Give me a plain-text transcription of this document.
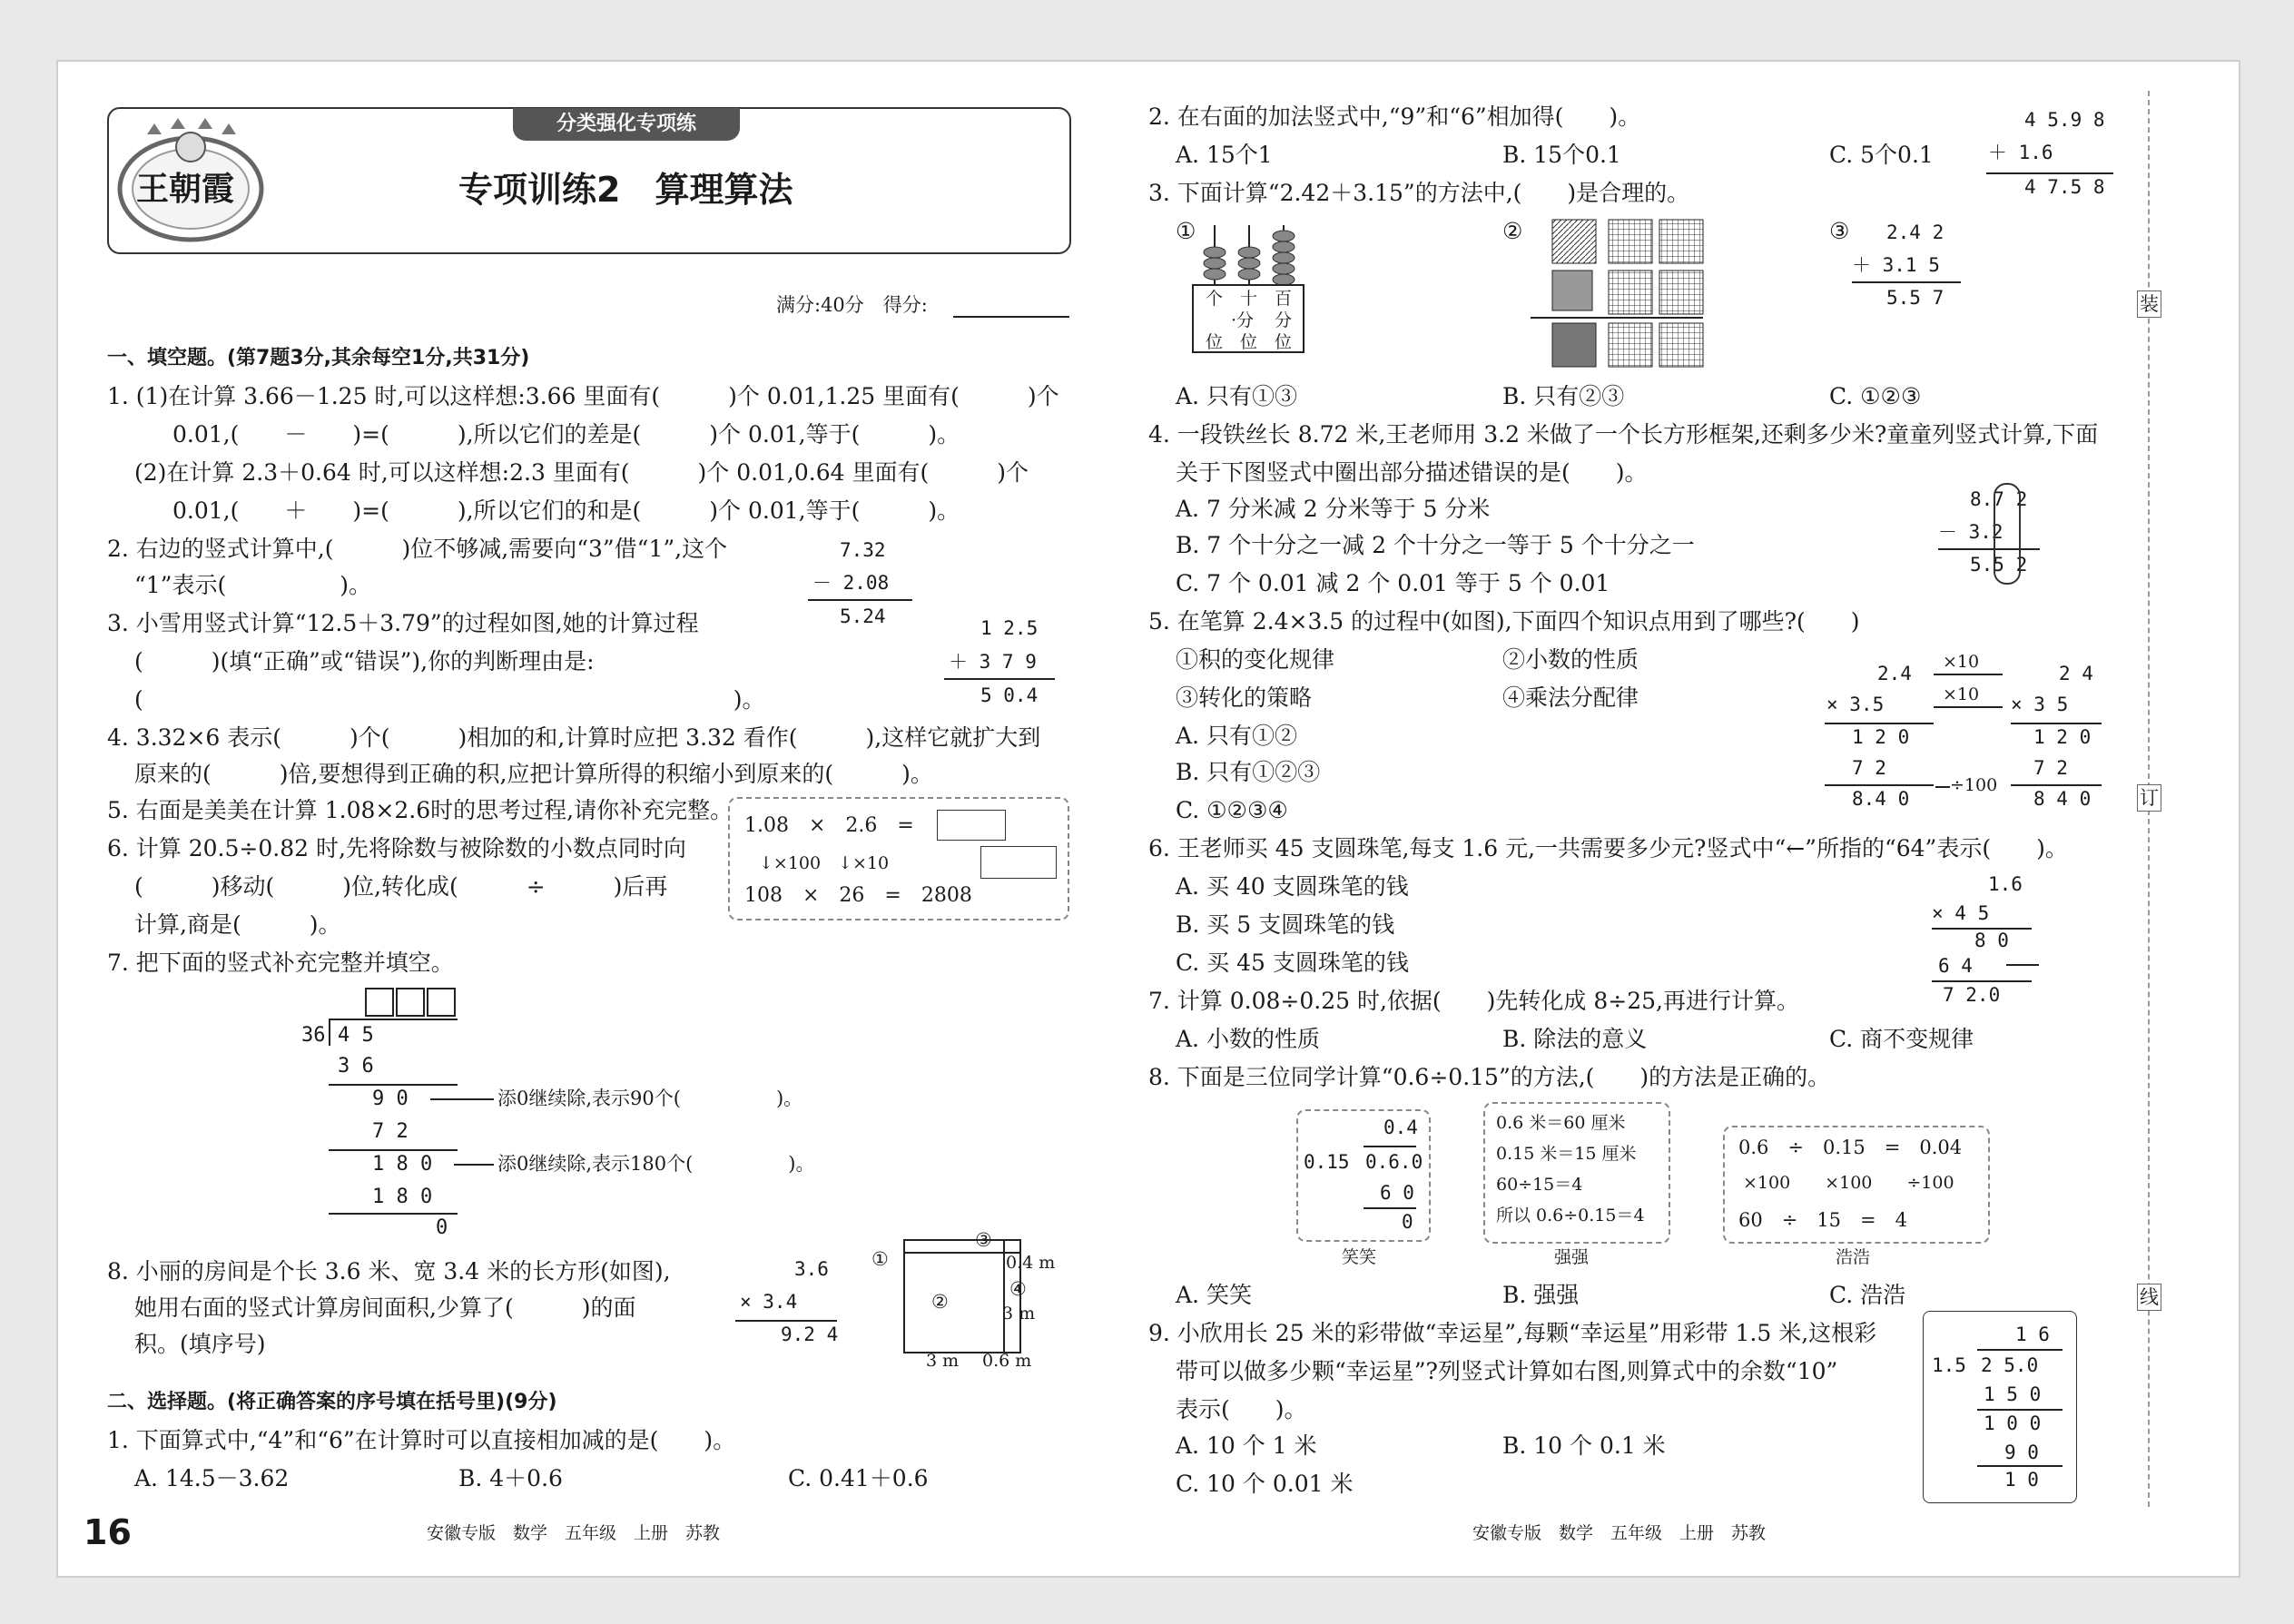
分类强化专项练
王朝霞	专项训练2　算理算法
满分:40分　得分:
一、填空题。(第7题3分,其余每空1分,共31分)
1. (1)在计算 3.66－1.25 时,可以这样想:3.66 里面有(　　　)个 0.01,1.25 里面有(　　　)个
0.01,(　　－　　)=(　　　),所以它们的差是(　　　)个 0.01,等于(　　　)。
(2)在计算 2.3＋0.64 时,可以这样想:2.3 里面有(　　　)个 0.01,0.64 里面有(　　　)个
0.01,(　　＋　　)=(　　　),所以它们的和是(　　　)个 0.01,等于(　　　)。
2. 右边的竖式计算中,(　　　)位不够减,需要向“3”借“1”,这个
“1”表示(　　　　　)。
7.32
－ 2.08
5.24
3. 小雪用竖式计算“12.5＋3.79”的过程如图,她的计算过程
(　　　)(填“正确”或“错误”),你的判断理由是:
(　　　　　　　　　　　　　　　　　　　　　　　　　　)。
1 2.5
＋ 3 7 9
5 0.4
4. 3.32×6 表示(　　　)个(　　　)相加的和,计算时应把 3.32 看作(　　　),这样它就扩大到
原来的(　　　)倍,要想得到正确的积,应把计算所得的积缩小到原来的(　　　)。
5. 右面是美美在计算 1.08×2.6时的思考过程,请你补充完整。
6. 计算 20.5÷0.82 时,先将除数与被除数的小数点同时向
(　　　)移动(　　　)位,转化成(　　　÷　　　)后再
计算,商是(　　　)。
1.08　×　2.6　=
↓×100　↓×10
108　×　26　=　2808
7. 把下面的竖式补充完整并填空。
36 4 5
3 6
9 0	添0继续除,表示90个(　　　　　)。
7 2
1 8 0	添0继续除,表示180个(　　　　　)。
1 8 0
0
8. 小丽的房间是个长 3.6 米、宽 3.4 米的长方形(如图),
她用右面的竖式计算房间面积,少算了(　　　)的面
积。(填序号)
3.6
× 3.4
9.2 4
①
②
③
④
0.4 m
3 m
3 m 0.6 m
二、选择题。(将正确答案的序号填在括号里)(9分)
1. 下面算式中,“4”和“6”在计算时可以直接相加减的是(　　)。
A. 14.5－3.62	B. 4＋0.6	C. 0.41＋0.6
16	安徽专版　数学　五年级　上册　苏教
2. 在右面的加法竖式中,“9”和“6”相加得(　　)。
A. 15个1	B. 15个0.1	C. 5个0.1
4 5.9 8
＋ 1.6
4 7.5 8
3. 下面计算“2.42＋3.15”的方法中,(　　)是合理的。
①	②	③
个 十 百
·分 分
位 位 位
2.4 2
＋ 3.1 5
5.5 7
A. 只有①③	B. 只有②③	C. ①②③
4. 一段铁丝长 8.72 米,王老师用 3.2 米做了一个长方形框架,还剩多少米?童童列竖式计算,下面
关于下图竖式中圈出部分描述错误的是(　　)。
A. 7 分米减 2 分米等于 5 分米
B. 7 个十分之一减 2 个十分之一等于 5 个十分之一
C. 7 个 0.01 减 2 个 0.01 等于 5 个 0.01
8.7 2
－ 3.2
5.5 2
5. 在笔算 2.4×3.5 的过程中(如图),下面四个知识点用到了哪些?(　　)
①积的变化规律	②小数的性质
③转化的策略	④乘法分配律
A. 只有①②
B. 只有①②③
C. ①②③④
2.4
× 3.5
1 2 0
7 2
8.4 0
2 4
× 3 5
1 2 0
7 2
8 4 0
×10
×10
÷100
6. 王老师买 45 支圆珠笔,每支 1.6 元,一共需要多少元?竖式中“←”所指的“64”表示(　　)。
A. 买 40 支圆珠笔的钱
B. 买 5 支圆珠笔的钱
C. 买 45 支圆珠笔的钱
1.6
× 4 5
8 0
6 4
7 2.0
7. 计算 0.08÷0.25 时,依据(　　)先转化成 8÷25,再进行计算。
A. 小数的性质	B. 除法的意义	C. 商不变规律
8. 下面是三位同学计算“0.6÷0.15”的方法,(　　)的方法是正确的。
0.4
0.15 0.6.0
6 0
0
0.6 米＝60 厘米
0.15 米＝15 厘米
60÷15＝4
所以 0.6÷0.15＝4
0.6　÷　0.15　=　0.04
×100　　×100　　÷100
60　÷　15　=　4
笑笑	强强	浩浩
A. 笑笑	B. 强强	C. 浩浩
9. 小欣用长 25 米的彩带做“幸运星”,每颗“幸运星”用彩带 1.5 米,这根彩
带可以做多少颗“幸运星”?列竖式计算如右图,则算式中的余数“10”
表示(　　)。
A. 10 个 1 米	B. 10 个 0.1 米
C. 10 个 0.01 米
1 6
1.5 2 5.0
1 5 0
1 0 0
9 0
1 0
安徽专版　数学　五年级　上册　苏教
装
订
线
